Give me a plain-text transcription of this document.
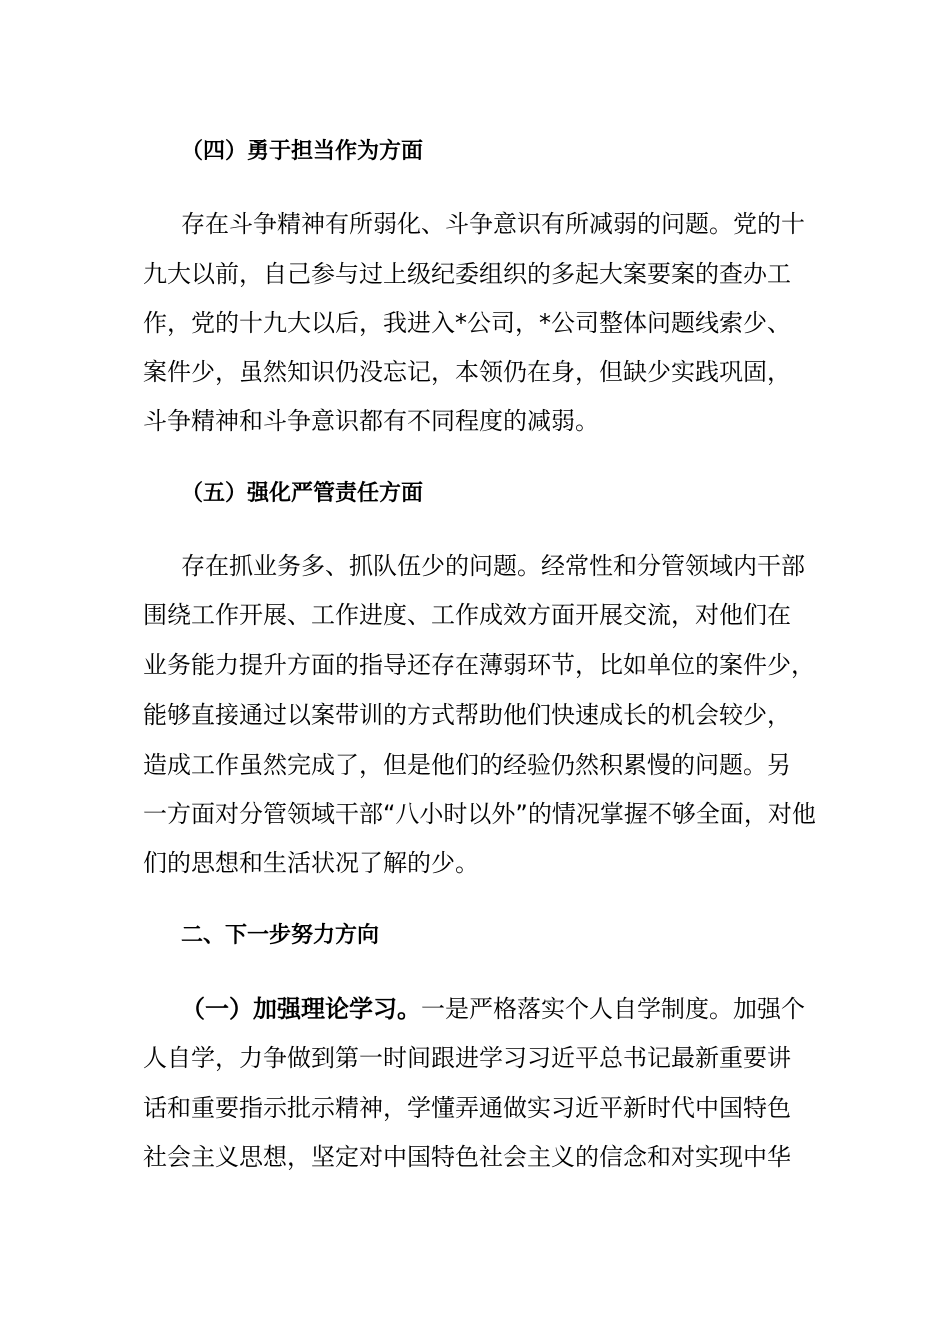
（四）勇于担当作为方面
存在斗争精神有所弱化、斗争意识有所减弱的问题。党的十
九大以前，自己参与过上级纪委组织的多起大案要案的查办工
作，党的十九大以后，我进入*公司，*公司整体问题线索少、
案件少，虽然知识仍没忘记，本领仍在身，但缺少实践巩固，
斗争精神和斗争意识都有不同程度的减弱。
（五）强化严管责任方面
存在抓业务多、抓队伍少的问题。经常性和分管领域内干部
围绕工作开展、工作进度、工作成效方面开展交流，对他们在
业务能力提升方面的指导还存在薄弱环节，比如单位的案件少，
能够直接通过以案带训的方式帮助他们快速成长的机会较少，
造成工作虽然完成了，但是他们的经验仍然积累慢的问题。另
一方面对分管领域干部“八小时以外”的情况掌握不够全面，对他
们的思想和生活状况了解的少。
二、下一步努力方向
（一）加强理论学习。一是严格落实个人自学制度。加强个
人自学，力争做到第一时间跟进学习习近平总书记最新重要讲
话和重要指示批示精神，学懂弄通做实习近平新时代中国特色
社会主义思想，坚定对中国特色社会主义的信念和对实现中华
